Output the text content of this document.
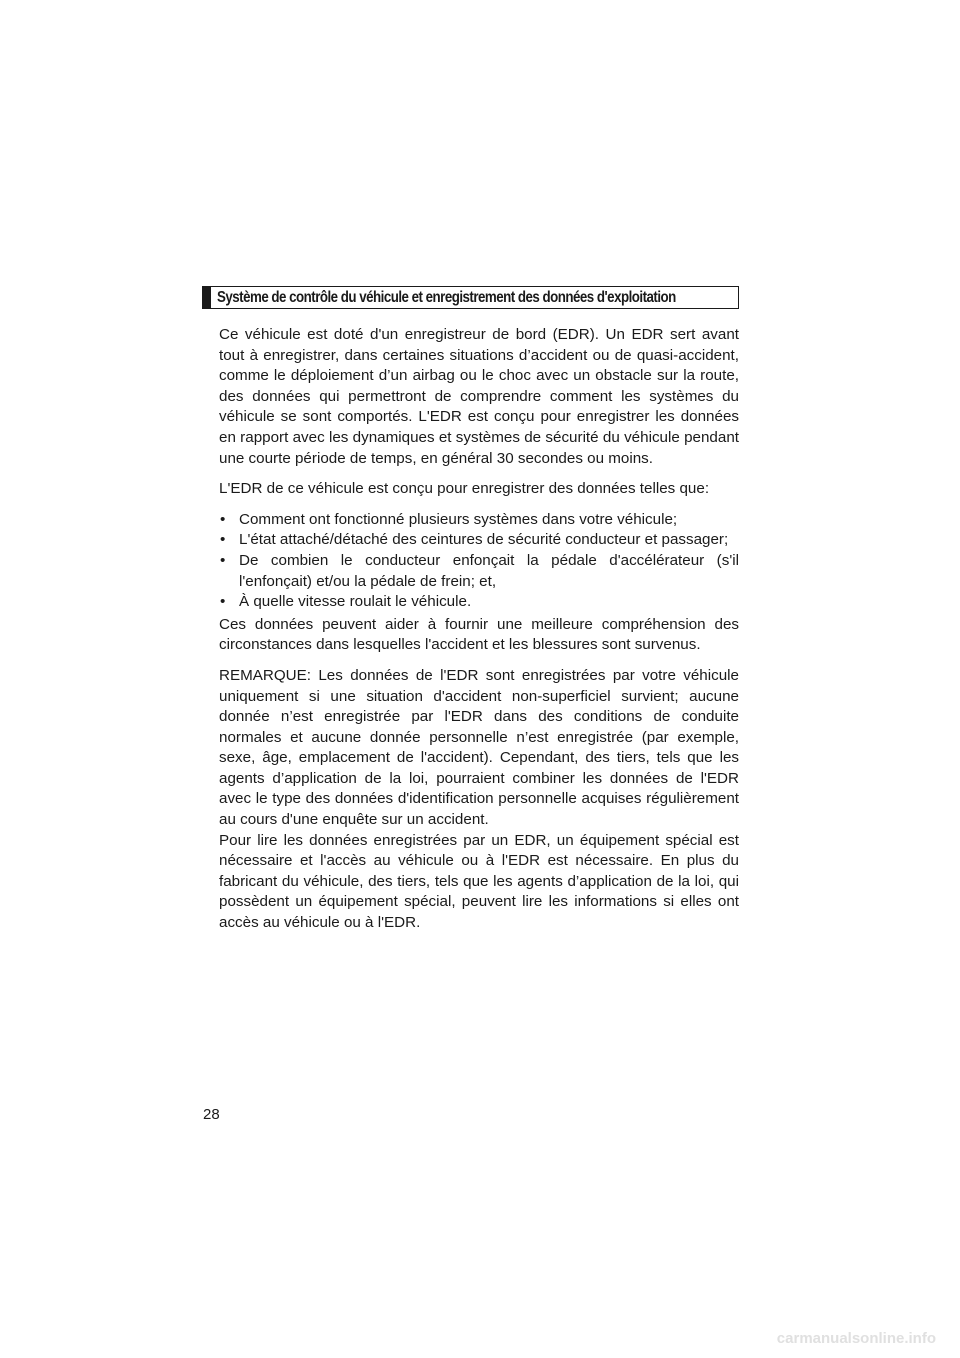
Système de contrôle du véhicule et enregistrement des données d'exploitation

Ce véhicule est doté d'un enregistreur de bord (EDR). Un EDR sert avant tout à enregistrer, dans certaines situations d’accident ou de quasi-accident, comme le déploiement d’un airbag ou le choc avec un obstacle sur la route, des données qui permettront de comprendre comment les systèmes du véhicule se sont comportés. L'EDR est conçu pour enregistrer les données en rapport avec les dynamiques et systèmes de sécurité du véhicule pendant une courte période de temps, en général 30 secondes ou moins.

L'EDR de ce véhicule est conçu pour enregistrer des données telles que:

• Comment ont fonctionné plusieurs systèmes dans votre véhicule;
• L'état attaché/détaché des ceintures de sécurité conducteur et passager;
• De combien le conducteur enfonçait la pédale d'accélérateur (s'il l'enfonçait) et/ou la pédale de frein; et,
• À quelle vitesse roulait le véhicule.

Ces données peuvent aider à fournir une meilleure compréhension des circonstances dans lesquelles l'accident et les blessures sont survenus.

REMARQUE: Les données de l'EDR sont enregistrées par votre véhicule uniquement si une situation d'accident non-superficiel survient; aucune donnée n’est enregistrée par l'EDR dans des conditions de conduite normales et aucune donnée personnelle n’est enregistrée (par exemple, sexe, âge, emplacement de l'accident). Cependant, des tiers, tels que les agents d’application de la loi, pourraient combiner les données de l'EDR avec le type des données d'identification personnelle acquises régulièrement au cours d'une enquête sur un accident.

Pour lire les données enregistrées par un EDR, un équipement spécial est nécessaire et l'accès au véhicule ou à l'EDR est nécessaire. En plus du fabricant du véhicule, des tiers, tels que les agents d’application de la loi, qui possèdent un équipement spécial, peuvent lire les informations si elles ont accès au véhicule ou à l'EDR.

28
carmanualsonline.info
